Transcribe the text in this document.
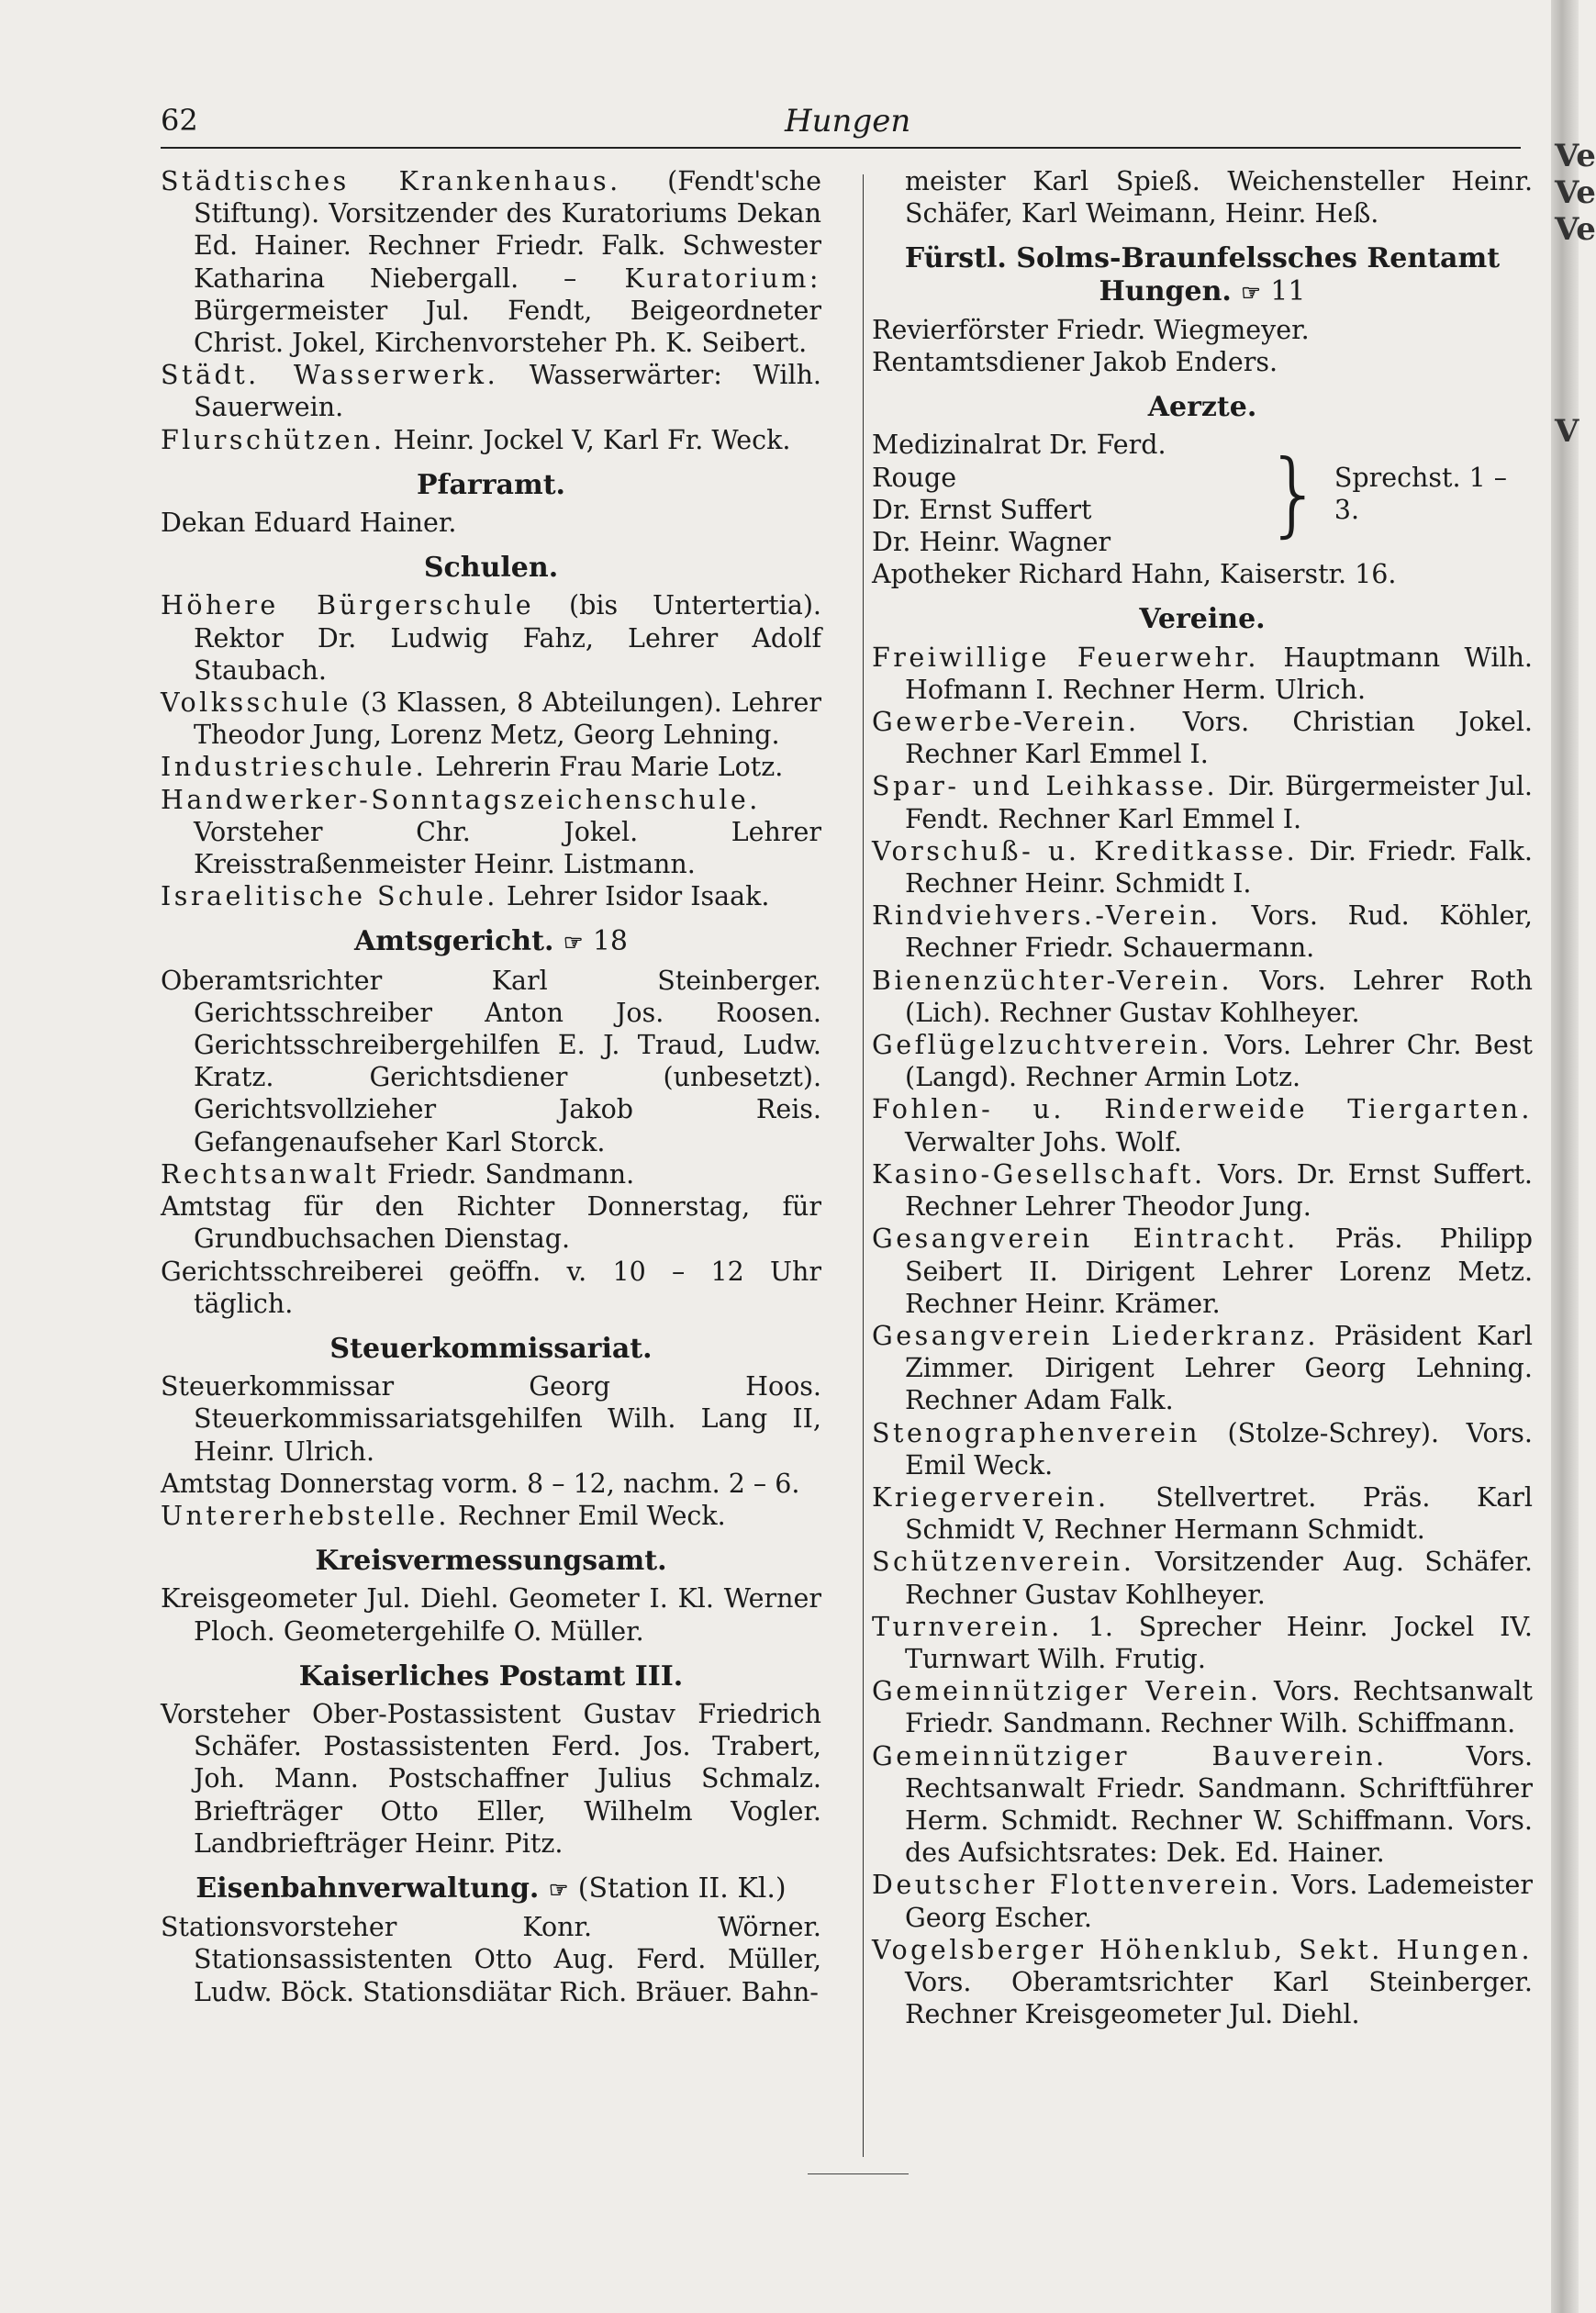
Ve
Ve
Ve
V
62	Hungen

Städtisches Krankenhaus. (Fendt'sche Stiftung). Vorsitzender des Kuratoriums Dekan Ed. Hainer. Rechner Friedr. Falk. Schwester Katharina Niebergall. – Kuratorium: Bürgermeister Jul. Fendt, Beigeordneter Christ. Jokel, Kirchenvorsteher Ph. K. Seibert.

Städt. Wasserwerk. Wasserwärter: Wilh. Sauerwein.

Flurschützen. Heinr. Jockel V, Karl Fr. Weck.

Pfarramt.

Dekan Eduard Hainer.

Schulen.

Höhere Bürgerschule (bis Untertertia). Rektor Dr. Ludwig Fahz, Lehrer Adolf Staubach.

Volksschule (3 Klassen, 8 Abteilungen). Lehrer Theodor Jung, Lorenz Metz, Georg Lehning.

Industrieschule. Lehrerin Frau Marie Lotz.

Handwerker-Sonntagszeichenschule. Vorsteher Chr. Jokel. Lehrer Kreisstraßenmeister Heinr. Listmann.

Israelitische Schule. Lehrer Isidor Isaak.

Amtsgericht. ☞ 18

Oberamtsrichter Karl Steinberger. Gerichtsschreiber Anton Jos. Roosen. Gerichtsschreibergehilfen E. J. Traud, Ludw. Kratz. Gerichtsdiener (unbesetzt). Gerichtsvollzieher Jakob Reis. Gefangenaufseher Karl Storck.

Rechtsanwalt Friedr. Sandmann.

Amtstag für den Richter Donnerstag, für Grundbuchsachen Dienstag.

Gerichtsschreiberei geöffn. v. 10 – 12 Uhr täglich.

Steuerkommissariat.

Steuerkommissar Georg Hoos. Steuerkommissariatsgehilfen Wilh. Lang II, Heinr. Ulrich.

Amtstag Donnerstag vorm. 8 – 12, nachm. 2 – 6.

Untererhebstelle. Rechner Emil Weck.

Kreisvermessungsamt.

Kreisgeometer Jul. Diehl. Geometer I. Kl. Werner Ploch. Geometergehilfe O. Müller.

Kaiserliches Postamt III.

Vorsteher Ober-Postassistent Gustav Friedrich Schäfer. Postassistenten Ferd. Jos. Trabert, Joh. Mann. Postschaffner Julius Schmalz. Briefträger Otto Eller, Wilhelm Vogler. Landbriefträger Heinr. Pitz.

Eisenbahnverwaltung. ☞ (Station II. Kl.)

Stationsvorsteher Konr. Wörner. Stationsassistenten Otto Aug. Ferd. Müller, Ludw. Böck. Stationsdiätar Rich. Bräuer. Bahn-

meister Karl Spieß. Weichensteller Heinr. Schäfer, Karl Weimann, Heinr. Heß.

Fürstl. Solms-Braunfelssches Rentamt Hungen. ☞ 11

Revierförster Friedr. Wiegmeyer.

Rentamtsdiener Jakob Enders.

Aerzte.

Medizinalrat Dr. Ferd. Rouge
Dr. Ernst Suffert
Dr. Heinr. Wagner	} Sprechst. 1 – 3.

Apotheker Richard Hahn, Kaiserstr. 16.

Vereine.

Freiwillige Feuerwehr. Hauptmann Wilh. Hofmann I. Rechner Herm. Ulrich.

Gewerbe-Verein. Vors. Christian Jokel. Rechner Karl Emmel I.

Spar- und Leihkasse. Dir. Bürgermeister Jul. Fendt. Rechner Karl Emmel I.

Vorschuß- u. Kreditkasse. Dir. Friedr. Falk. Rechner Heinr. Schmidt I.

Rindviehvers.-Verein. Vors. Rud. Köhler, Rechner Friedr. Schauermann.

Bienenzüchter-Verein. Vors. Lehrer Roth (Lich). Rechner Gustav Kohlheyer.

Geflügelzuchtverein. Vors. Lehrer Chr. Best (Langd). Rechner Armin Lotz.

Fohlen- u. Rinderweide Tiergarten. Verwalter Johs. Wolf.

Kasino-Gesellschaft. Vors. Dr. Ernst Suffert. Rechner Lehrer Theodor Jung.

Gesangverein Eintracht. Präs. Philipp Seibert II. Dirigent Lehrer Lorenz Metz. Rechner Heinr. Krämer.

Gesangverein Liederkranz. Präsident Karl Zimmer. Dirigent Lehrer Georg Lehning. Rechner Adam Falk.

Stenographenverein (Stolze-Schrey). Vors. Emil Weck.

Kriegerverein. Stellvertret. Präs. Karl Schmidt V, Rechner Hermann Schmidt.

Schützenverein. Vorsitzender Aug. Schäfer. Rechner Gustav Kohlheyer.

Turnverein. 1. Sprecher Heinr. Jockel IV. Turnwart Wilh. Frutig.

Gemeinnütziger Verein. Vors. Rechtsanwalt Friedr. Sandmann. Rechner Wilh. Schiffmann.

Gemeinnütziger Bauverein. Vors. Rechtsanwalt Friedr. Sandmann. Schriftführer Herm. Schmidt. Rechner W. Schiffmann. Vors. des Aufsichtsrates: Dek. Ed. Hainer.

Deutscher Flottenverein. Vors. Lademeister Georg Escher.

Vogelsberger Höhenklub, Sekt. Hungen. Vors. Oberamtsrichter Karl Steinberger. Rechner Kreisgeometer Jul. Diehl.
